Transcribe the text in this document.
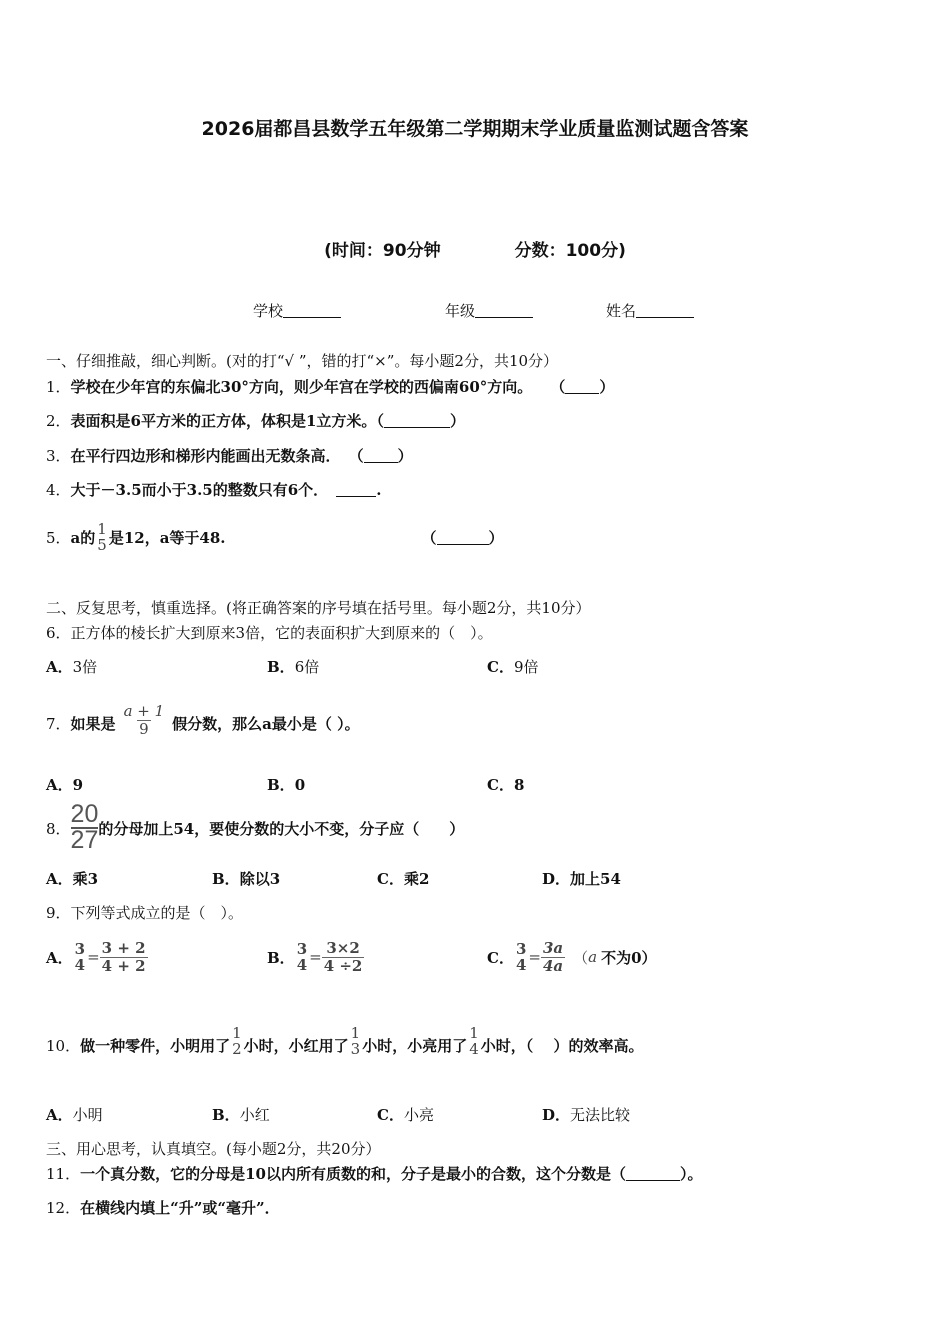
2026届都昌县数学五年级第二学期期末学业质量监测试题含答案
(时间：90分钟	分数：100分)
学校	年级	姓名
一、仔细推敲，细心判断。(对的打“√ ”，错的打“×”。每小题2分，共10分）
1．学校在少年宫的东偏北30°方向，则少年宫在学校的西偏南60°方向。 （ ）
2．表面积是6平方米的正方体，体积是1立方米。（	）
3．在平行四边形和梯形内能画出无数条高． （ ）
4．大于－3.5而小于3.5的整数只有6个．	.
5． a的 1
5 是12，a等于48.	（	）
二、反复思考，慎重选择。(将正确答案的序号填在括号里。每小题2分，共10分）
6．正方体的棱长扩大到原来3倍，它的表面积扩大到原来的（　）。
A．3倍	B．6倍	C．9倍
7． 如果是 $\frac{a + 1}{9}$ 假分数，那么a最小是（ ）。
A．9	B．0	C．8
8．
20
27 的分母加上54，要使分数的大小不变，分子应（　　）
A．乘3	B．除以3	C．乘2	D．加上54
9．下列等式成立的是（　）。
A． 3
$4 = \frac{3 + 2}{4 + 2}$	B． 3
$4 = \frac{3\times 2}{4 \div 2}$	C． 3
$4 = \frac{3a}{4a}$ （ a 不为0）
10． 做一种零件，小明用了
1
2 小时，小红用了
1
3 小时，小亮用了
1
4 小时，（　 ）的效率高。
A．小明	B．小红	C．小亮	D．无法比较
三、用心思考，认真填空。(每小题2分，共20分）
11．一个真分数，它的分母是10以内所有质数的和，分子是最小的合数，这个分数是（	）。
12．在横线内填上“升”或“毫升”．
